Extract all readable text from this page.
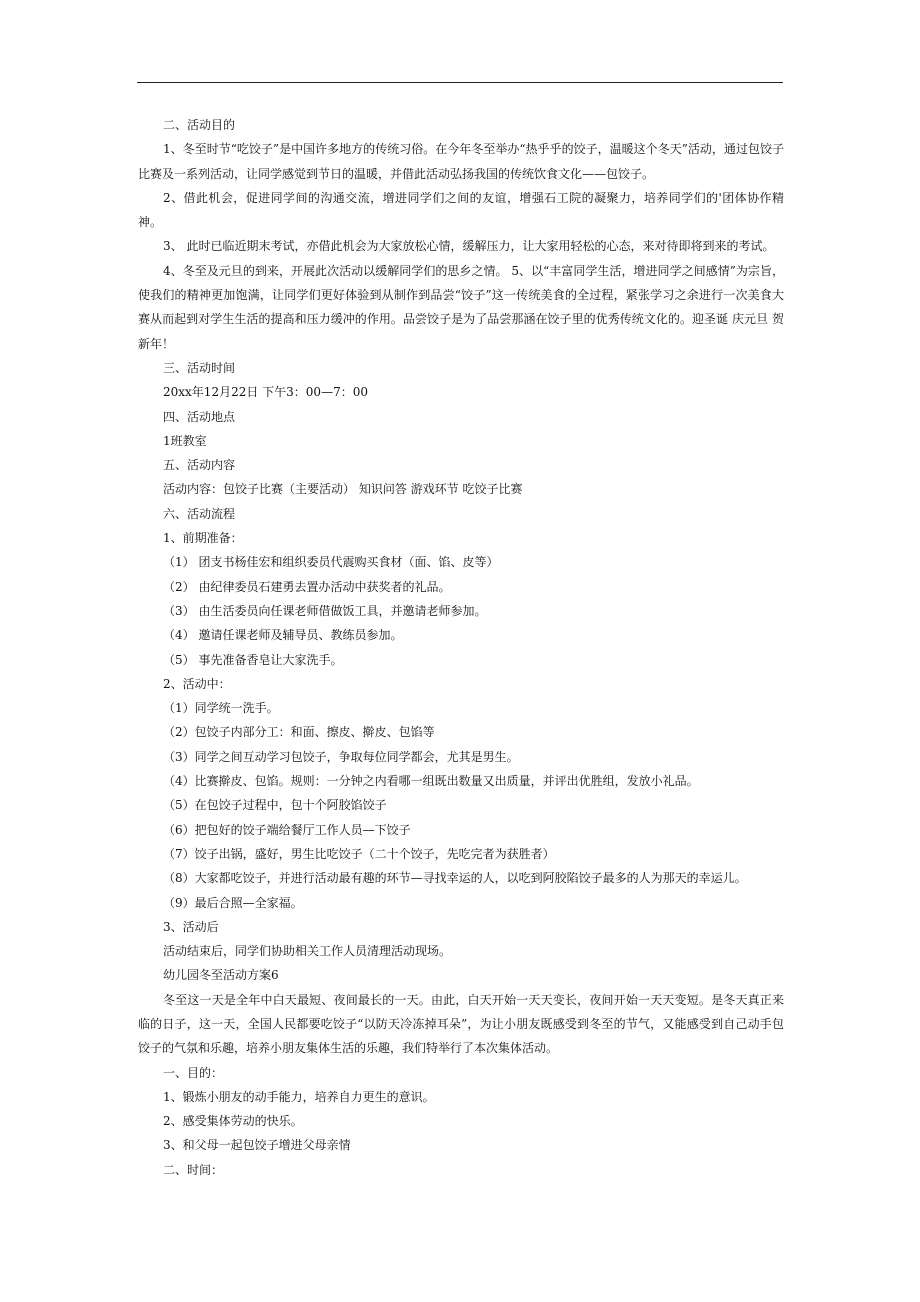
二、活动目的

1、冬至时节“吃饺子”是中国许多地方的传统习俗。在今年冬至举办“热乎乎的饺子，温暖这个冬天”活动，通过包饺子比赛及一系列活动，让同学感觉到节日的温暖，并借此活动弘扬我国的传统饮食文化——包饺子。

2、借此机会，促进同学间的沟通交流，增进同学们之间的友谊，增强石工院的凝聚力，培养同学们的'团体协作精神。

3、 此时已临近期末考试，亦借此机会为大家放松心情，缓解压力，让大家用轻松的心态，来对待即将到来的考试。

4、冬至及元旦的到来，开展此次活动以缓解同学们的思乡之情。 5、以“丰富同学生活，增进同学之间感情”为宗旨，使我们的精神更加饱满，让同学们更好体验到从制作到品尝“饺子”这一传统美食的全过程，紧张学习之余进行一次美食大赛从而起到对学生生活的提高和压力缓冲的作用。品尝饺子是为了品尝那涵在饺子里的优秀传统文化的。迎圣诞 庆元旦 贺新年！

三、活动时间

20xx年12月22日 下午3：00—7：00

四、活动地点

1班教室

五、活动内容

活动内容：包饺子比赛（主要活动） 知识问答 游戏环节 吃饺子比赛

六、活动流程

1、前期准备：

（1） 团支书杨佳宏和组织委员代震购买食材（面、馅、皮等）

（2） 由纪律委员石建勇去置办活动中获奖者的礼品。

（3） 由生活委员向任课老师借做饭工具，并邀请老师参加。

（4） 邀请任课老师及辅导员、教练员参加。

（5） 事先准备香皂让大家洗手。

2、活动中：

（1）同学统一洗手。

（2）包饺子内部分工：和面、擦皮、擀皮、包馅等

（3）同学之间互动学习包饺子，争取每位同学都会，尤其是男生。

（4）比赛擀皮、包馅。规则：一分钟之内看哪一组既出数量又出质量，并评出优胜组，发放小礼品。

（5）在包饺子过程中，包十个阿胶馅饺子

（6）把包好的饺子端给餐厅工作人员—下饺子

（7）饺子出锅，盛好，男生比吃饺子（二十个饺子，先吃完者为获胜者）

（8）大家都吃饺子，并进行活动最有趣的环节—寻找幸运的人，以吃到阿胶陷饺子最多的人为那天的幸运儿。

（9）最后合照—全家福。

3、活动后

活动结束后，同学们协助相关工作人员清理活动现场。

幼儿园冬至活动方案6

冬至这一天是全年中白天最短、夜间最长的一天。由此，白天开始一天天变长，夜间开始一天天变短。是冬天真正来临的日子，这一天，全国人民都要吃饺子“以防天冷冻掉耳朵”，为让小朋友既感受到冬至的节气，又能感受到自己动手包饺子的气氛和乐趣，培养小朋友集体生活的乐趣，我们特举行了本次集体活动。

一、目的：

1、锻炼小朋友的动手能力，培养自力更生的意识。

2、感受集体劳动的快乐。

3、和父母一起包饺子增进父母亲情

二、时间：
